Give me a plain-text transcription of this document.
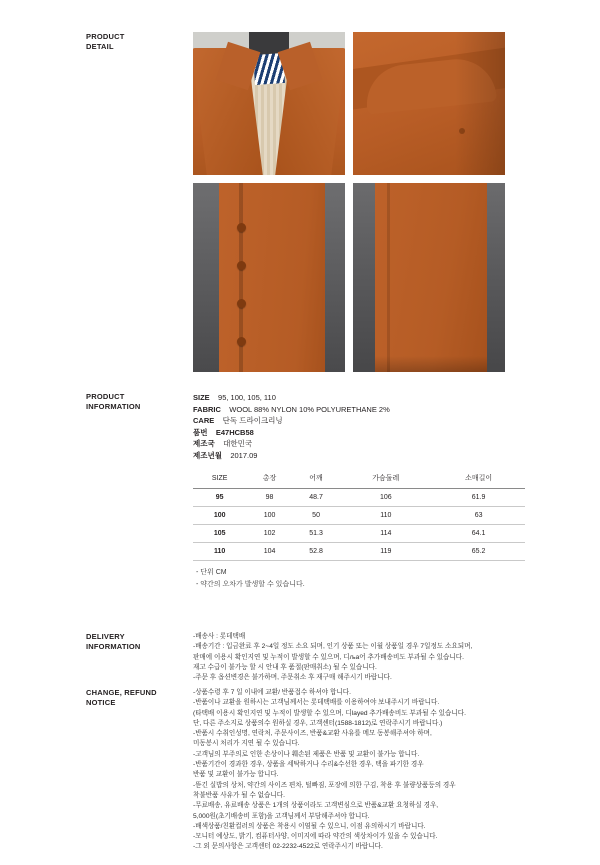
PRODUCT
DETAIL
PRODUCT
INFORMATION
SIZE 95, 100, 105, 110
FABRIC WOOL 88% NYLON 10% POLYURETHANE 2%
CARE 단독 드라이크리닝
품번 E47HCB58
제조국 대한민국
제조년월 2017.09
SIZE	총장	어깨	가슴둘레	소매길이
95	98	48.7	106	61.9
100	100	50	110	63
105	102	51.3	114	64.1
110	104	52.8	119	65.2
- 단위 CM
- 약간의 오차가 발생할 수 있습니다.
DELIVERY
INFORMATION

-배송사 : 롯데택배

-배송기간 : 입금완료 후 2~4일 정도 소요 되며, 인기 상품 또는 이월 상품일 경우 7일정도 소요되며,

판매에 이용시 확인지연 및 누적이 발생할 수 있으며, 디ља어 추가배송비도 부과될 수 있습니다.

재고 수급이 불가능 할 시 안내 후 품절(판매취소) 될 수 있습니다.

-주문 후 옵션변경은 불가하며, 주문취소 후 재구매 해주시기 바랍니다.

CHANGE, REFUND
NOTICE

-상품수령 후 7 일 이내에 교환/ 반품접수 하셔야 합니다.

-반품이나 교환을 원하시는 고객님께서는 롯데택배를 이용하여야 보내주시기 바랍니다.

(타택배 이용시 확인지연 및 누적이 발생할 수 있으며, 디layed 추가배송비도 부과될 수 있습니다.

단, 다른 주소지로 상품의수 원하실 경우, 고객센터(1588-1812)로 연락주시기 바랍니다.)

-반품시 수취인성명, 연락처, 주문사이즈, 반품&교환 사유를 메모 동봉해주셔야 하며,

미동봉시 처리가 지연 될 수 있습니다.

-고객님의 부주의로 인한 손상이나 훼손된 제품은 반품 및 교환이 불가능 합니다.

-반품기간이 경과한 경우, 상품을 세탁하거나 수리&수선한 경우, 택을 파기한 경우

반품 및 교환이 불가능 합니다.

-뜯긴 실밥의 상처, 약간의 사이즈 편차, 털빠짐, 포장에 의한 구김, 착용 후 불량상품등의 경우

착불반품 사유가 될 수 없습니다.

-무료배송, 유료배송 상품은 1개의 상품이라도 고객변심으로 반품&교환 요청하실 경우,

5,000원(초기배송비 포함)을 고객님께서 부담해주셔야 합니다.

-배색상품/친환컬러의 상품은 착용시 이염될 수 있으니, 이점 유의하시기 바랍니다.

-모니터 예상도, 밝기, 컴퓨터사양, 이미지에 따라 약간의 색상차이가 있을 수 있습니다.

-그 외 문의사항은 고객센터 02-2232-4522로 연락주시기 바랍니다.
